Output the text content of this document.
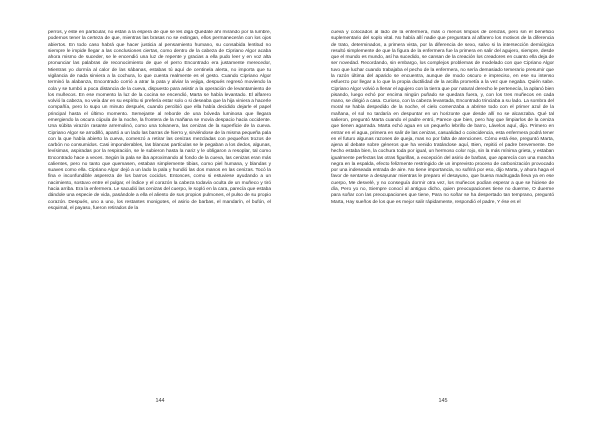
perros, y éste en particular, no están a la espera de que se les diga Quédate ahí mirando por la lumbre, podemos tener la certeza de que, mientras las brasas no se extingan, ellos permanecerán con los ojos abiertos. En todo caso habrá que hacer justicia al pensamiento humano, su consabida lentitud no siempre le impide llegar a las conclusiones ciertas, como dentro de la cabeza de Cipriano Algor acaba ahora mismo de suceder, se le encendió una luz de repente y gracias a ella pudo leer y en voz alta pronunciar las palabras de reconocimiento de que el perro Encontrado era justamente merecedor, Mientras yo dormía al calor de las sábanas, estabas tú aquí de centinela alerta, no importa que tu vigilancia de nada sirviera a la cochura, lo que cuenta realmente es el gesto. Cuando Cipriano Algor terminó la alabanza, Encontrado corrió a atrar la pata y alviar la vejiga, después regresó moviendo la cola y se tumbó a poca distancia de la cueva, dispuesto para asistir a la operación de levantamiento de los muñecos. En ese momento la luz de la cocina se encendió, Marta se había levantado. El alfarero volvió la cabeza, no veía dar en su espíritu si prefería estar solo o si deseaba que la hija viniera a hacerle compañía, pero lo supo un minuto después, cuando percibió que ella había decidido dejarle el papel principal hasta el último momento. Semejante al reborde de una bóveda luminosa que llegara emergiendo la oscura cúpula de la noche, la frontera de la mañana se movía despacio hacia occidente. Una súbita virazón rasante arremolinó, como una tolvanera, las cenizas de la superficie de la cueva. Cipriano Algor se arrodilló, apartó a un lado las barras de hierro y, sirviéndose de la misma pequeña pala con la que había abierto la cueva, comenzó a retirar las cenizas mezcladas con pequeños trozos de carbón no consumidos. Casi imponderables, las blancas partículas se le pegaban a los dedos, algunas, levísimas, aspiradas por la respiración, se le subieron hasta la nariz y le obligaron a resoplar, tal como Encontrado hace a veces. Según la pala se iba aproximando al fondo de la cueva, las cenizas eran más calientes, pero no tanto que quemasen, estaban simplemente tibias, como piel humana, y blandas y suaves como ella. Cipriano Algor dejó a un lado la pala y hundió las dos manos en las cenizas. Tocó la fina e inconfundible aspereza de los barros cocidos. Entonces, como si estuviese ayudando a un nacimiento, sostuvo entre el pulgar, el índice y el corazón la cabeza todavía oculta de un muñeco y tiró hacia arriba. Era la enfermera. Le sacudió las cenizas del cuerpo, le sopló en la cara, parecía que estaba dándole una especie de vida, pasándole a ella el aliento de sus propios pulmones, el pulso de su propio corazón. Después, uno a uno, los restantes monigotes, el asirio de barbas, el mandarín, el bufón, el esquimal, el payaso, fueron retirados de la

144

cueva y colocados al lado de la enfermera, más o menos limpios de cenizas, pero sin el beneficio suplementario del soplo vital. No había allí nadie que preguntara al alfarero los motivos de la diferencia de trato, determinados, a primera vista, por la diferencia de sexo, salvo si la intersección demiúrgica resultó simplemente de que la figura de la enfermera fue la primera en salir del agujero, siempre, desde que el mundo es mundo, así ha sucedido, se cansan de la creación los creadores en cuanto ella deja de ser novedad. Recordando, sin embargo, los complejos problemas de modelado con que Cipriano Algor tuvo que luchar cuando trabajaba el pecho de la enfermera, no sería demasiado temerario presumir que la razón última del aparido se encuentra, aunque de modo oscuro e impreciso, en ese su intenso esfuerzo por llegar a lo que la propia ductilidad de la arcilla prometía a la vez que negaba. Quién sabe. Cipriano Algor volvió a llenar el agujero con la tierra que por natural derecho le pertenecía, la aplanó bien pisando, luego echó por encima ningún puñado se quedara fuera, y, con los tres muñecos en cada mano, se dirigió a casa. Curioso, con la cabeza levantada, Encontrado trinciaba a su lado. La sombra del moral se había despedido de la noche, el cielo comenzaba a abrirse todo con el primer azul de la mañana, el sol no tardaría en despuntar en un horizonte que desde allí no se alcanzaba. Qué tal salieron, preguntó Marta cuando el padre entró, Parece que bien, pero hay que limpiarlos de la ceniza que tienen agarrada. Marta echó agua en un pequeño lebrillo de barro, Lávelos aquí, dijo. Primero en entrar en el agua, primera en salir de las cenizas, casualidad o coincidencia, esta enfermera podrá tener en el futuro algunas razones de queja, mas no por falta de atenciones. Cómo está ése, preguntó Marta, ajena al debate sobre géneros que ha venido tratándose aquí, Bien, repitió el padre brevemente. De hecho estaba bien, la cochura toda por igual, un hermoso color rojo, sin la más mínima grieta, y estaban igualmente perfectas las otras figurillas, a excepción del asirio de barbas, que aparecía con una mancha negra en la espalda, efecto felizmente restringido de un imprevisto proceso de carbonización provocado por una indeseada entrada de aire. No tiene importancia, no sufrirá por eso, dijo Marta, y ahora haga el favor de sentarse a desayunar mientras le preparo el desayuno, que buena madrugada lleva ya en ese cuerpo, Me desvelé, y no conseguía dormir otra vez, los muñecos podían esperar a que se hiciese de día, Pero yo no, Siempre conocí al antiguo dicho, quien preocupaciones tiene no duerme, O duerme para soñar con las preocupaciones que tiene, Para no soñar se ha despertado tan temprano, preguntó Marta, Hay sueños de los que es mejor salir rápidamente, respondió el padre, Y ése es el

145
